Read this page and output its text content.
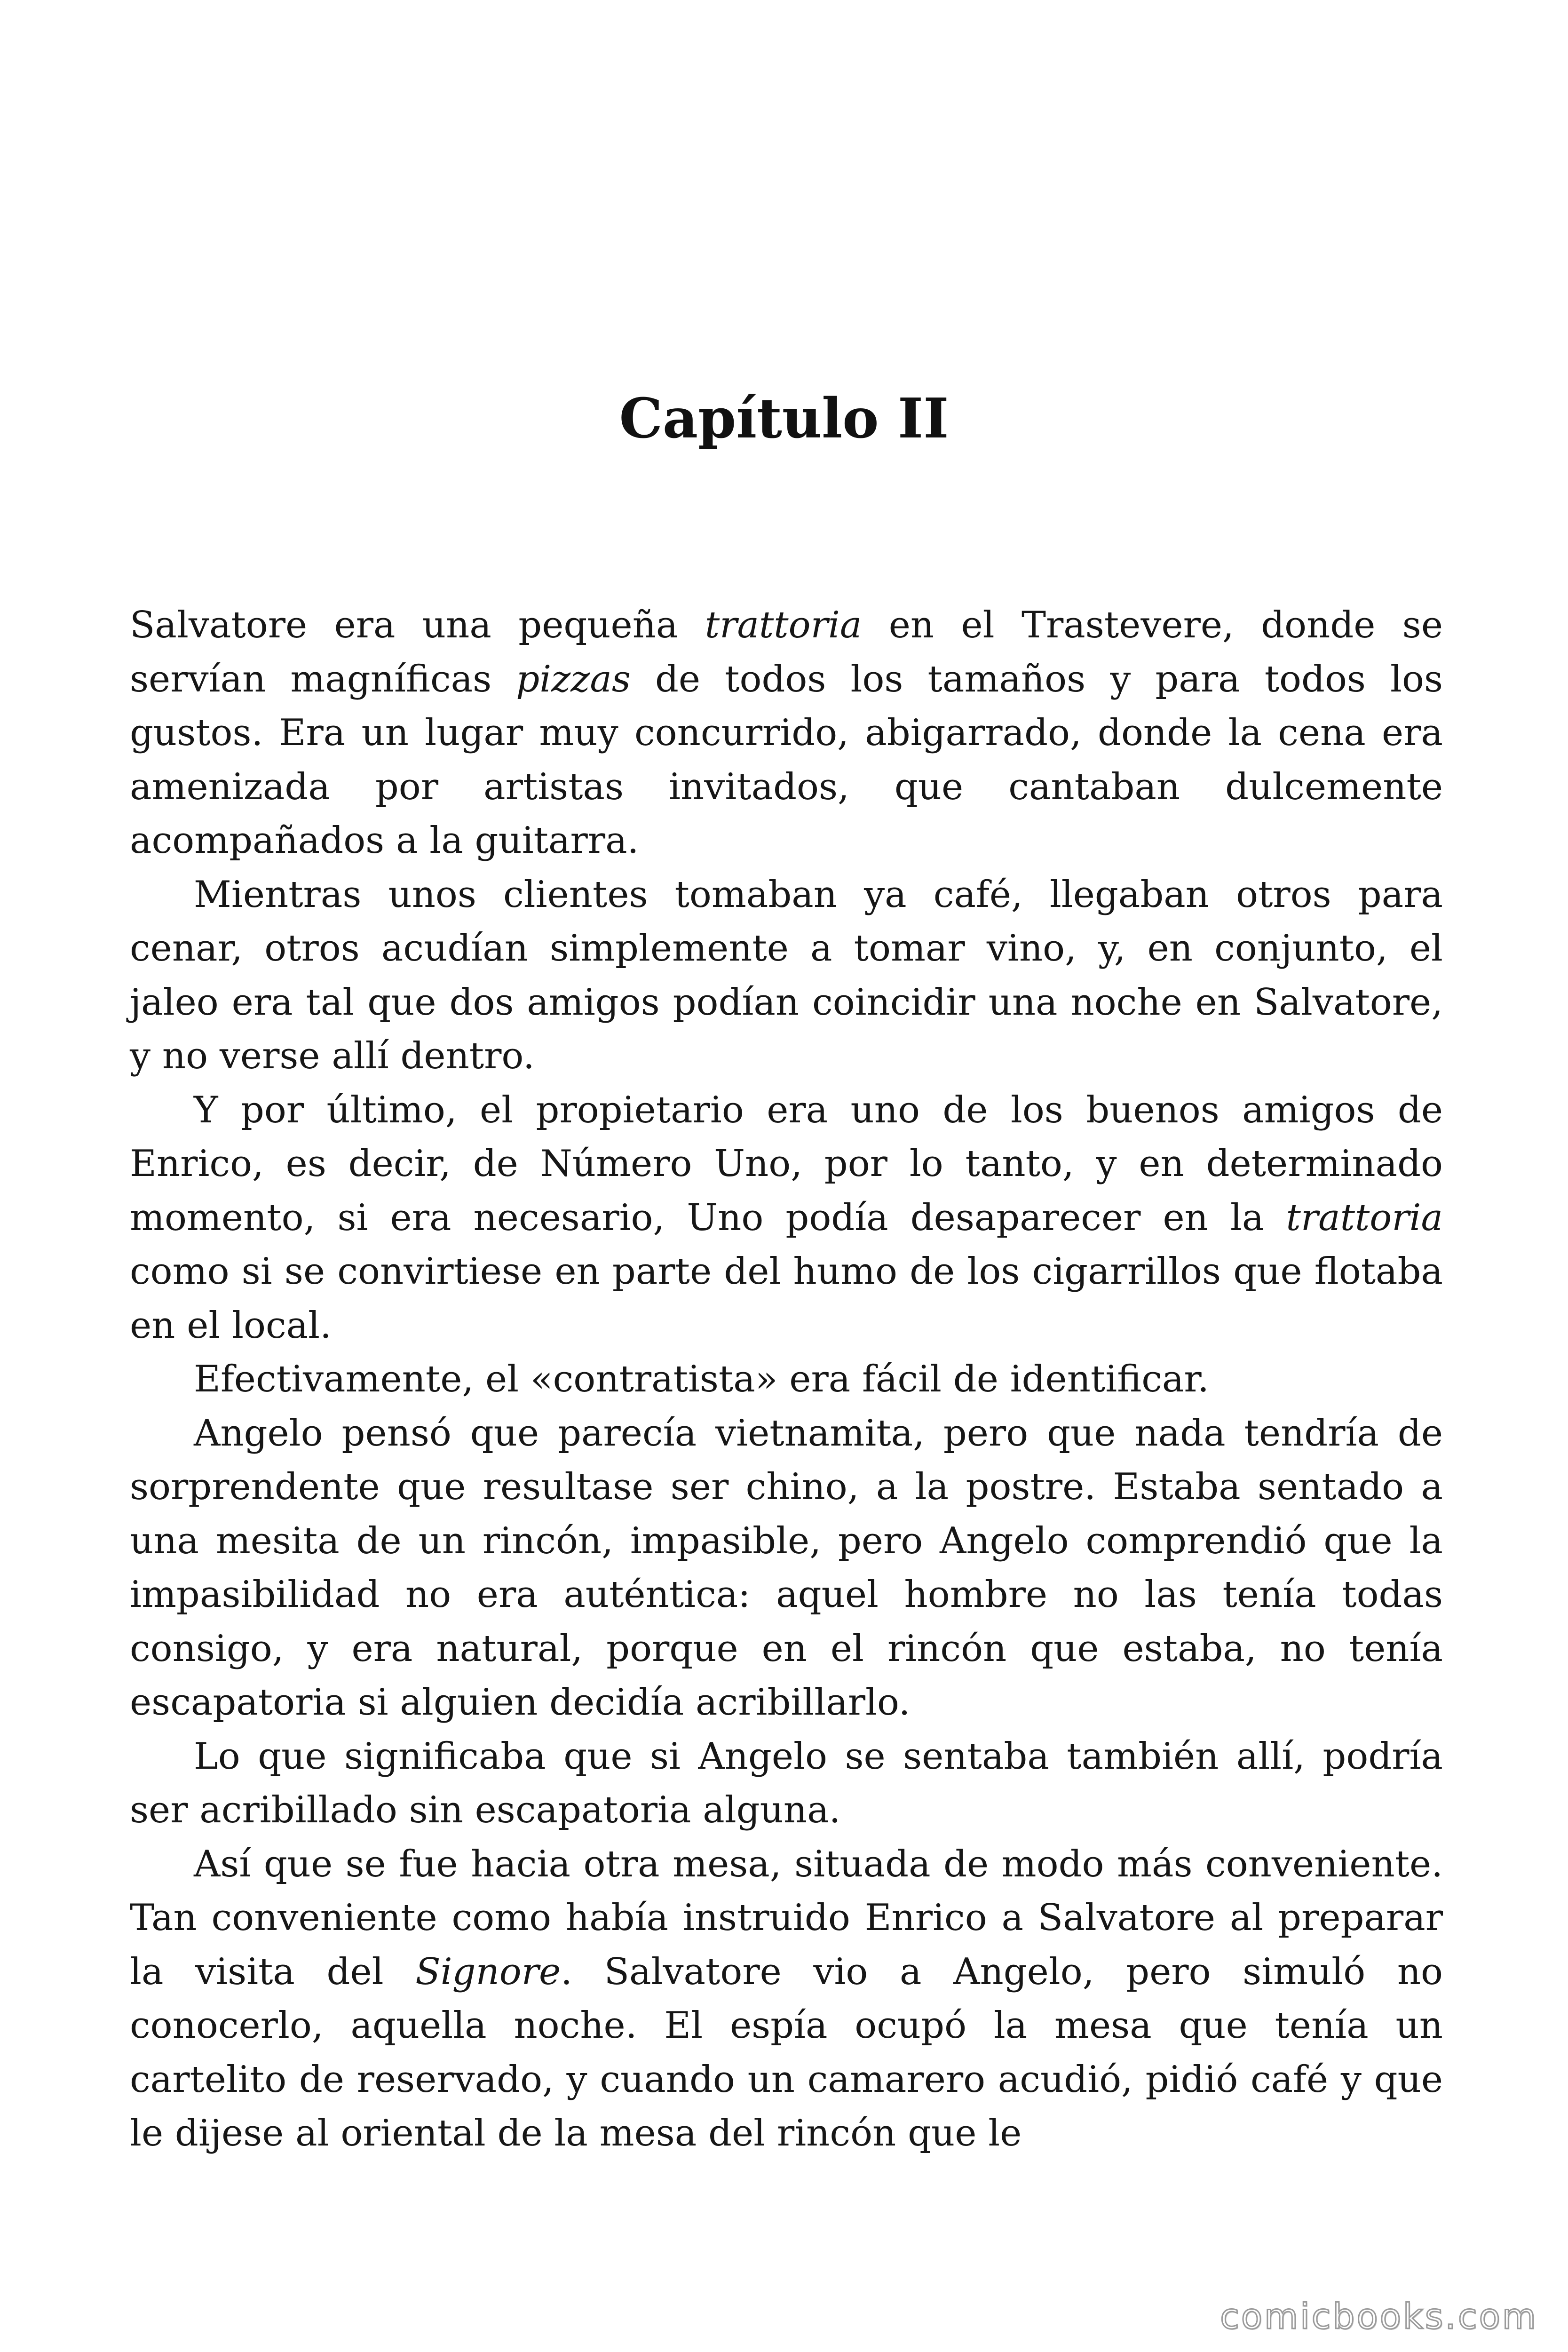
Capítulo II

Salvatore era una pequeña trattoria en el Trastevere, donde se servían magníficas pizzas de todos los tamaños y para todos los gustos. Era un lugar muy concurrido, abigarrado, donde la cena era amenizada por artistas invitados, que cantaban dulcemente acompañados a la guitarra.

Mientras unos clientes tomaban ya café, llegaban otros para cenar, otros acudían simplemente a tomar vino, y, en conjunto, el jaleo era tal que dos amigos podían coincidir una noche en Salvatore, y no verse allí dentro.

Y por último, el propietario era uno de los buenos amigos de Enrico, es decir, de Número Uno, por lo tanto, y en determinado momento, si era necesario, Uno podía desaparecer en la trattoria como si se convirtiese en parte del humo de los cigarrillos que flotaba en el local.

Efectivamente, el «contratista» era fácil de identificar.

Angelo pensó que parecía vietnamita, pero que nada tendría de sorprendente que resultase ser chino, a la postre. Estaba sentado a una mesita de un rincón, impasible, pero Angelo comprendió que la impasibilidad no era auténtica: aquel hombre no las tenía todas consigo, y era natural, porque en el rincón que estaba, no tenía escapatoria si alguien decidía acribillarlo.

Lo que significaba que si Angelo se sentaba también allí, podría ser acribillado sin escapatoria alguna.

Así que se fue hacia otra mesa, situada de modo más conveniente. Tan conveniente como había instruido Enrico a Salvatore al preparar la visita del Signore. Salvatore vio a Angelo, pero simuló no conocerlo, aquella noche. El espía ocupó la mesa que tenía un cartelito de reservado, y cuando un camarero acudió, pidió café y que le dijese al oriental de la mesa del rincón que le

comicbooks.com
